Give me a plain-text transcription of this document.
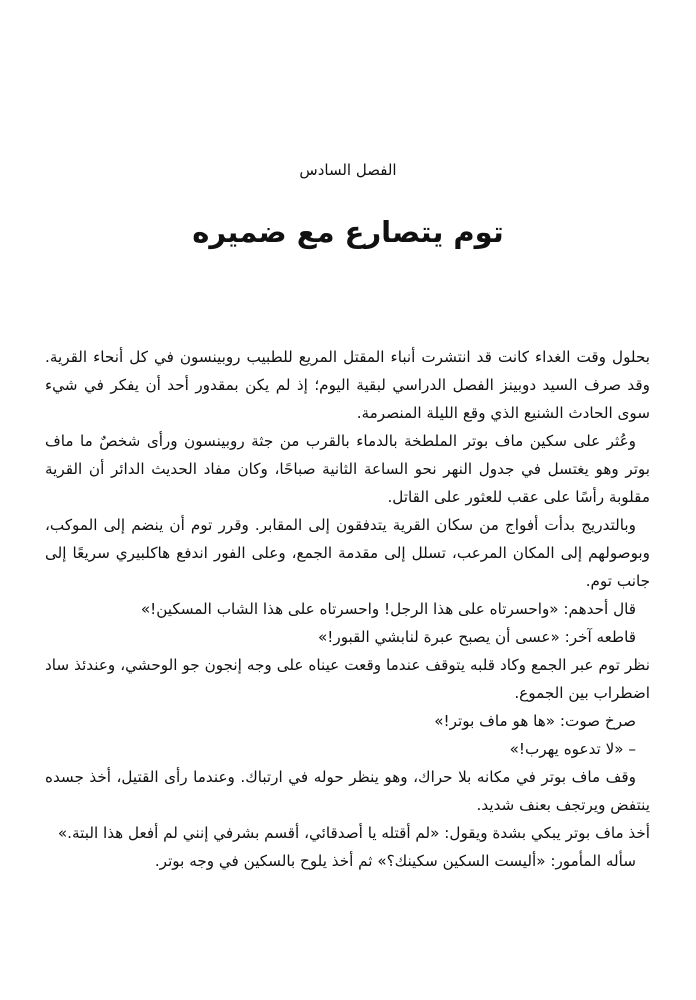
الفصل السادس
توم يتصارع مع ضميره

بحلول وقت الغداء كانت قد انتشرت أنباء المقتل المريع للطبيب روبينسون في كل أنحاء القرية. وقد صرف السيد دوبينز الفصل الدراسي لبقية اليوم؛ إذ لم يكن بمقدور أحد أن يفكر في شيء سوى الحادث الشنيع الذي وقع الليلة المنصرمة.

وعُثر على سكين ماف بوتر الملطخة بالدماء بالقرب من جثة روبينسون ورأى شخصٌ ما ماف بوتر وهو يغتسل في جدول النهر نحو الساعة الثانية صباحًا، وكان مفاد الحديث الدائر أن القرية مقلوبة رأسًا على عقب للعثور على القاتل.

وبالتدريج بدأت أفواج من سكان القرية يتدفقون إلى المقابر. وقرر توم أن ينضم إلى الموكب، وبوصولهم إلى المكان المرعب، تسلل إلى مقدمة الجمع، وعلى الفور اندفع هاكلبيري سريعًا إلى جانب توم.

قال أحدهم: «واحسرتاه على هذا الرجل! واحسرتاه على هذا الشاب المسكين!»

قاطعه آخر: «عسى أن يصبح عبرة لنابشي القبور!»

نظر توم عبر الجمع وكاد قلبه يتوقف عندما وقعت عيناه على وجه إنجون جو الوحشي، وعندئذ ساد اضطراب بين الجموع.

صرخ صوت: «ها هو ماف بوتر!»

– «لا تدعوه يهرب!»

وقف ماف بوتر في مكانه بلا حراك، وهو ينظر حوله في ارتباك. وعندما رأى القتيل، أخذ جسده ينتفض ويرتجف بعنف شديد.

أخذ ماف بوتر يبكي بشدة ويقول: «لم أقتله يا أصدقائي، أقسم بشرفي إنني لم أفعل هذا البتة.»

سأله المأمور: «أليست السكين سكينك؟» ثم أخذ يلوح بالسكين في وجه بوتر.
